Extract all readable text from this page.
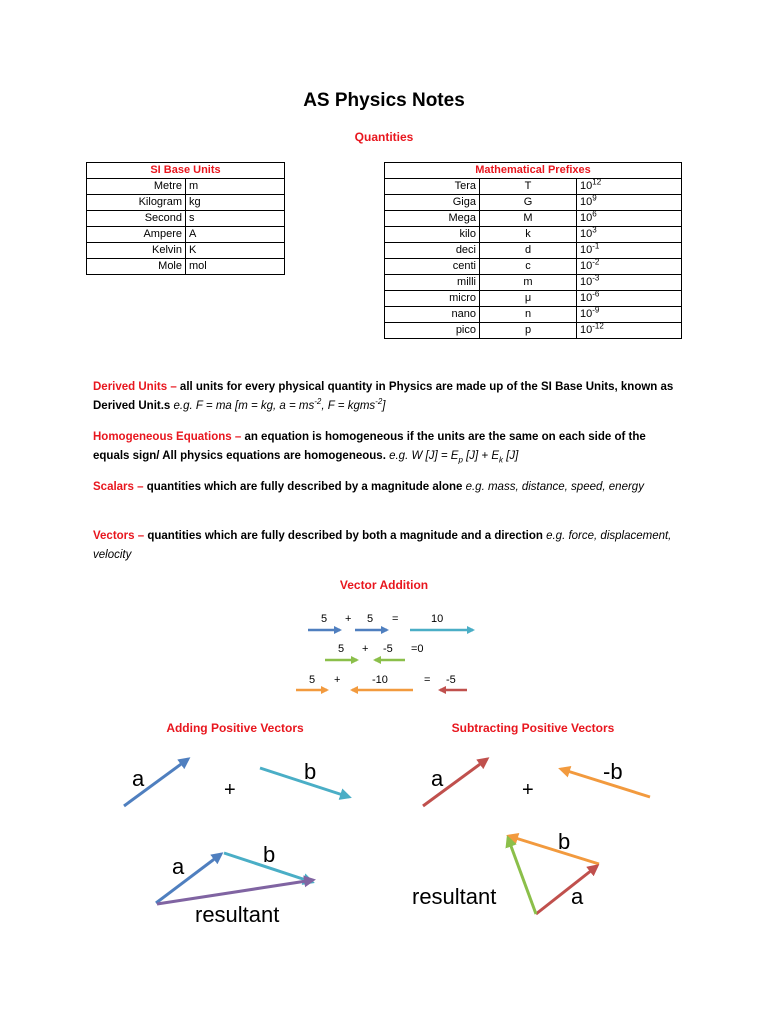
AS Physics Notes
Quantities
SI Base Units	
Metre	m
Kilogram	kg
Second	s
Ampere	A
Kelvin	K
Mole	mol
Mathematical Prefixes		
Tera	T	$10^{12}$
Giga	G	$10^9$
Mega	M	$10^6$
kilo	k	$10^3$
deci	d	$10^{-1}$
centi	c	$10^{-2}$
milli	m	$10^{-3}$
micro	μ	$10^{-6}$
nano	n	$10^{-9}$
pico	p	$10^{-12}$
Derived Units – all units for every physical quantity in Physics are made up of the SI Base Units, known as Derived Unit.s e.g. F = ma [m = kg, $a = ms^{-2}$, F = kgms$^{-2}$]
Homogeneous Equations – an equation is homogeneous if the units are the same on each side of the equals sign/ All physics equations are homogeneous. e.g. W $[J] = E_p$ $[J] + E_k$ [J]
Scalars – quantities which are fully described by a magnitude alone e.g. mass, distance, speed, energy
Vectors – quantities which are fully described by both a magnitude and a direction e.g. force, displacement, velocity
Vector Addition
5 + 5 =	10
5 + -5 =0
5 +	-10	= -5
Adding Positive Vectors	Subtracting Positive Vectors
a	+
b
a	b
resultant
a	+
-b
b
resultant	a
